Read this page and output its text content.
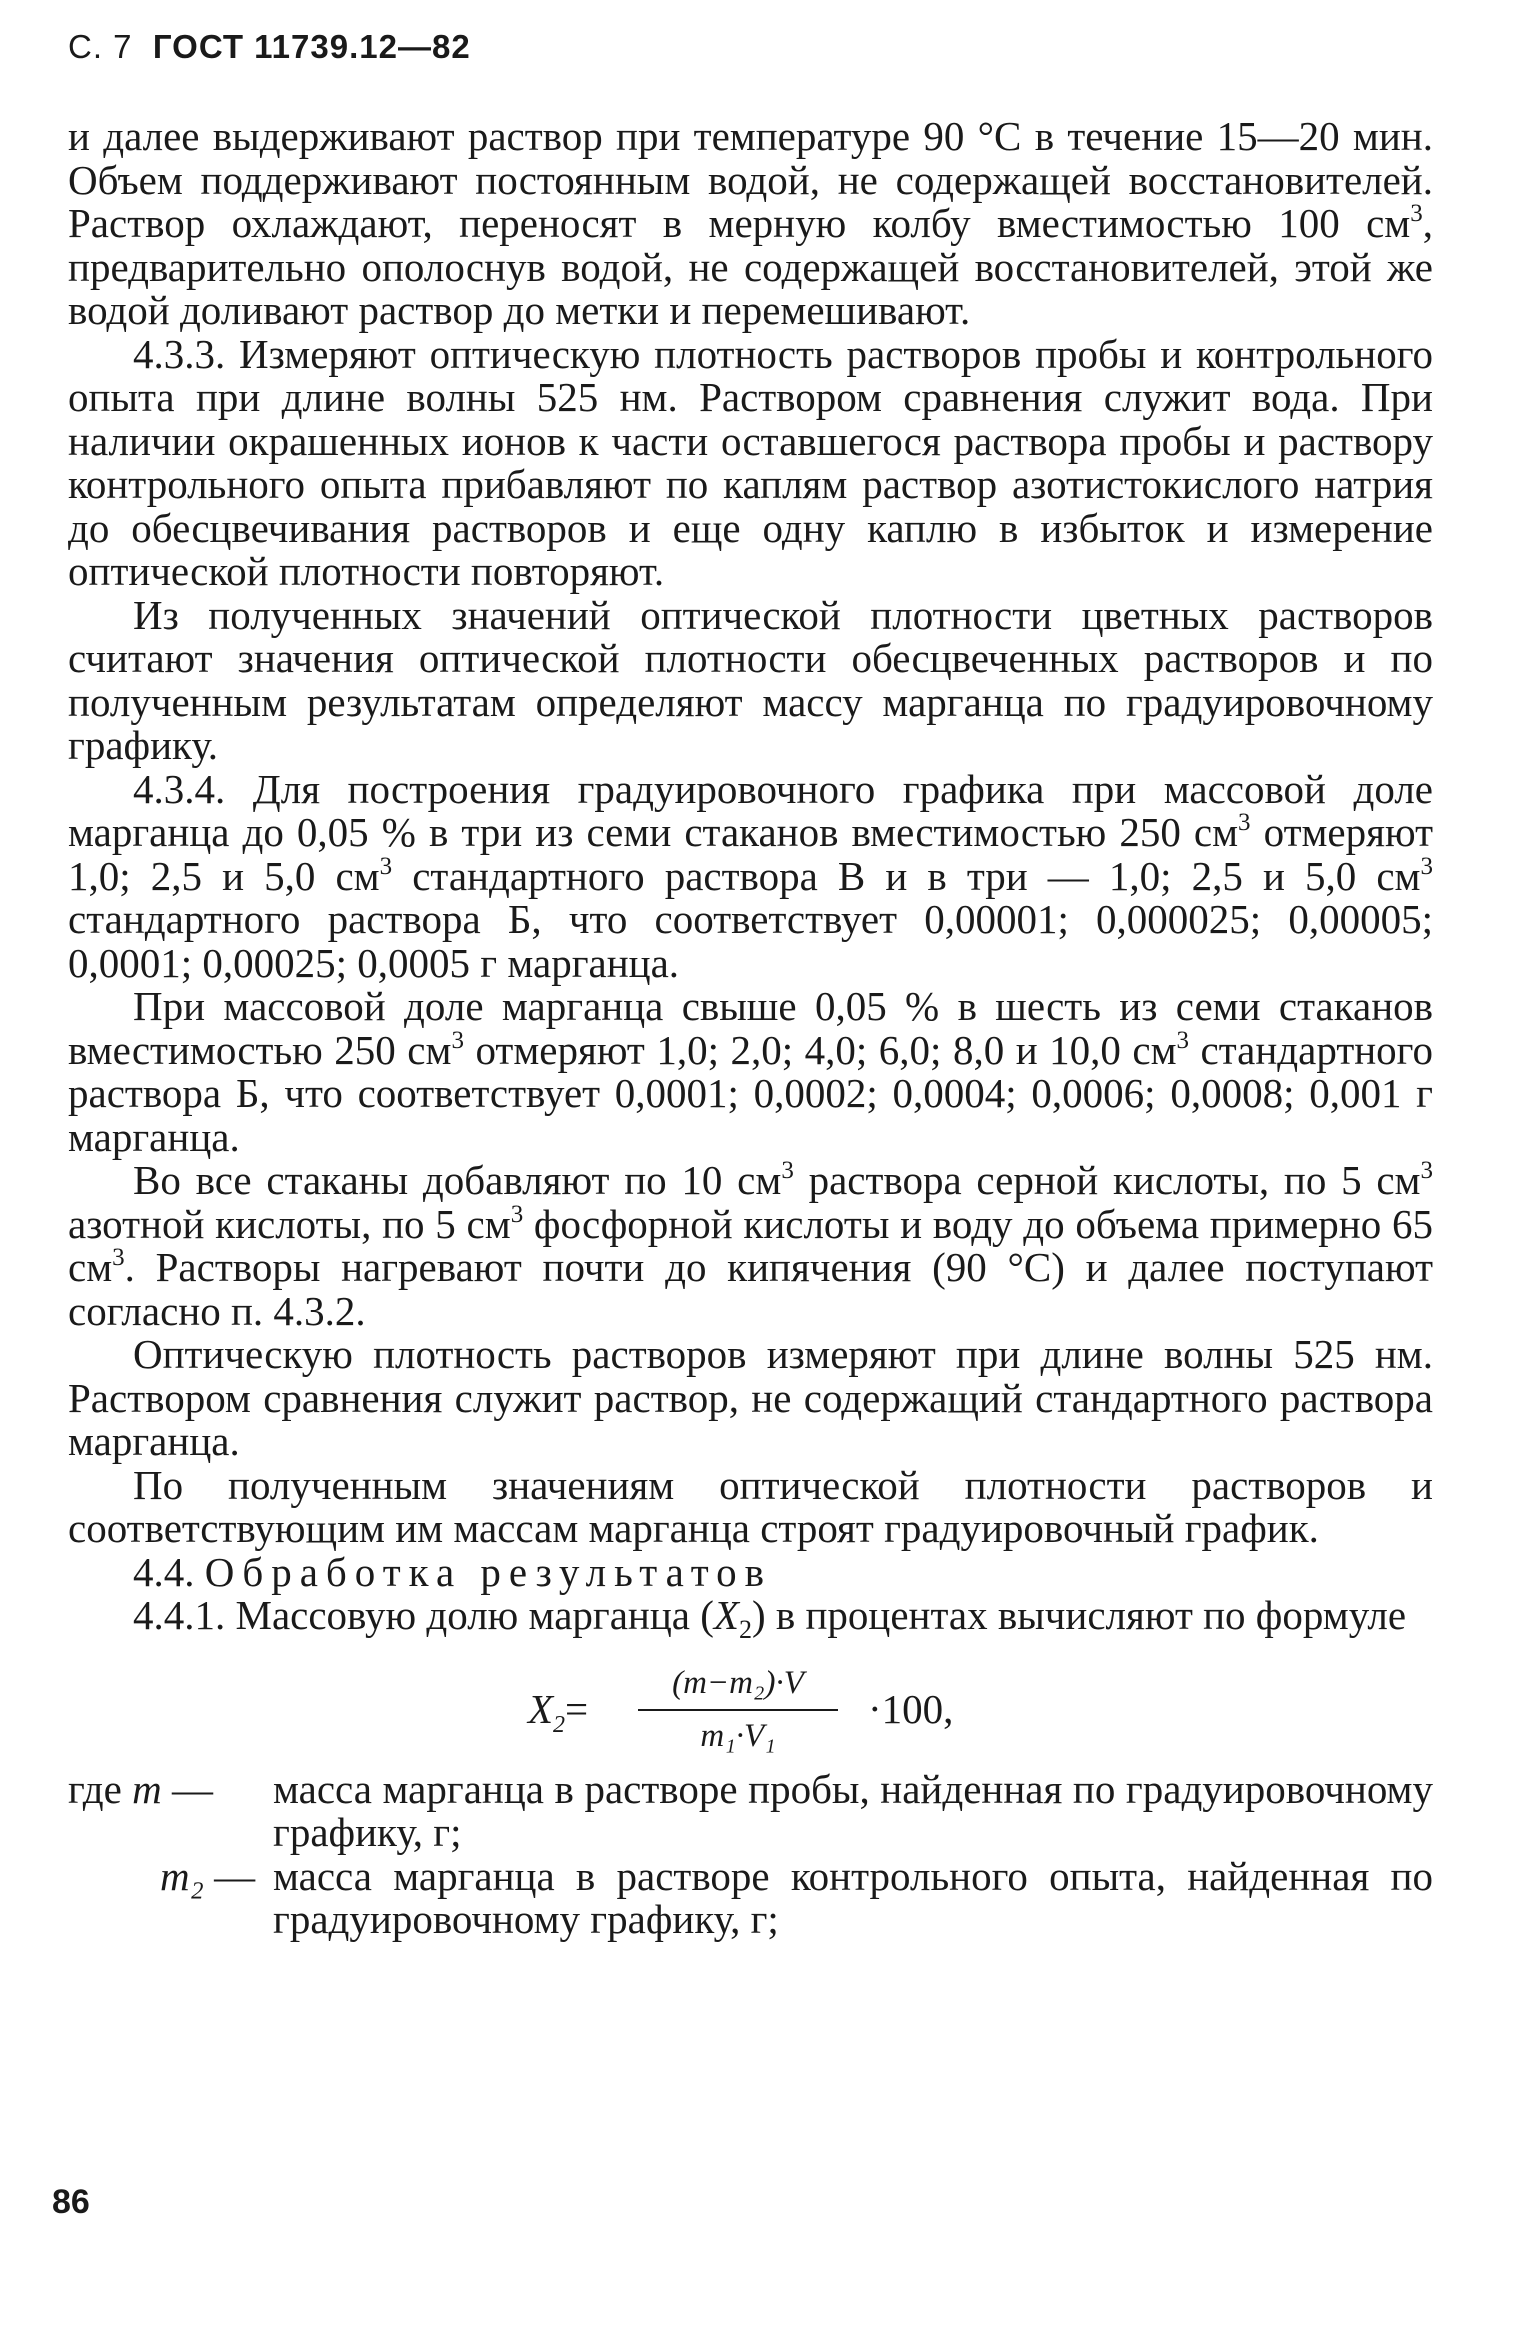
С. 7 ГОСТ 11739.12—82

и далее выдерживают раствор при температуре 90 °С в течение 15—20 мин. Объем поддерживают постоянным водой, не содержащей восстановителей. Раствор охлаждают, переносят в мерную колбу вместимостью 100 $см^3$, предварительно ополоснув водой, не содержащей восстановителей, этой же водой доливают раствор до метки и перемешивают.

4.3.3. Измеряют оптическую плотность растворов пробы и контрольного опыта при длине волны 525 нм. Раствором сравнения служит вода. При наличии окрашенных ионов к части оставшегося раствора пробы и раствору контрольного опыта прибавляют по каплям раствор азотистокислого натрия до обесцвечивания растворов и еще одну каплю в избыток и измерение оптической плотности повторяют.

Из полученных значений оптической плотности цветных растворов считают значения оптической плотности обесцвеченных растворов и по полученным результатам определяют массу марганца по градуировочному графику.

4.3.4. Для построения градуировочного графика при массовой доле марганца до 0,05 % в три из семи стаканов вместимостью 250 $см^3$ отмеряют 1,0; 2,5 и 5,0 $см^3$ стандартного раствора В и в три — 1,0; 2,5 и 5,0 $см^3$ стандартного раствора Б, что соответствует 0,00001; 0,000025; 0,00005; 0,0001; 0,00025; 0,0005 г марганца.

При массовой доле марганца свыше 0,05 % в шесть из семи стаканов вместимостью 250 $см^3$ отмеряют 1,0; 2,0; 4,0; 6,0; 8,0 и 10,0 $см^3$ стандартного раствора Б, что соответствует 0,0001; 0,0002; 0,0004; 0,0006; 0,0008; 0,001 г марганца.

Во все стаканы добавляют по 10 $см^3$ раствора серной кислоты, по 5 $см^3$ азотной кислоты, по 5 $см^3$ фосфорной кислоты и воду до объема примерно 65 $см^3$. Растворы нагревают почти до кипячения (90 °С) и далее поступают согласно п. 4.3.2.

Оптическую плотность растворов измеряют при длине волны 525 нм. Раствором сравнения служит раствор, не содержащий стандартного раствора марганца.

По полученным значениям оптической плотности растворов и соответствующим им массам марганца строят градуировочный график.

4.4. Обработка результатов

4.4.1. Массовую долю марганца $(X_2)$ в процентах вычисляют по формуле

$X_2= \frac{\text{(m−m₂)·V}}{\text{m₁·V₁}} \cdot 100$,
где m —	масса марганца в растворе пробы, найденная по градуировочному графику, г;
m₂ — масса марганца в растворе контрольного опыта, найденная по градуировочному графику, г;
86
